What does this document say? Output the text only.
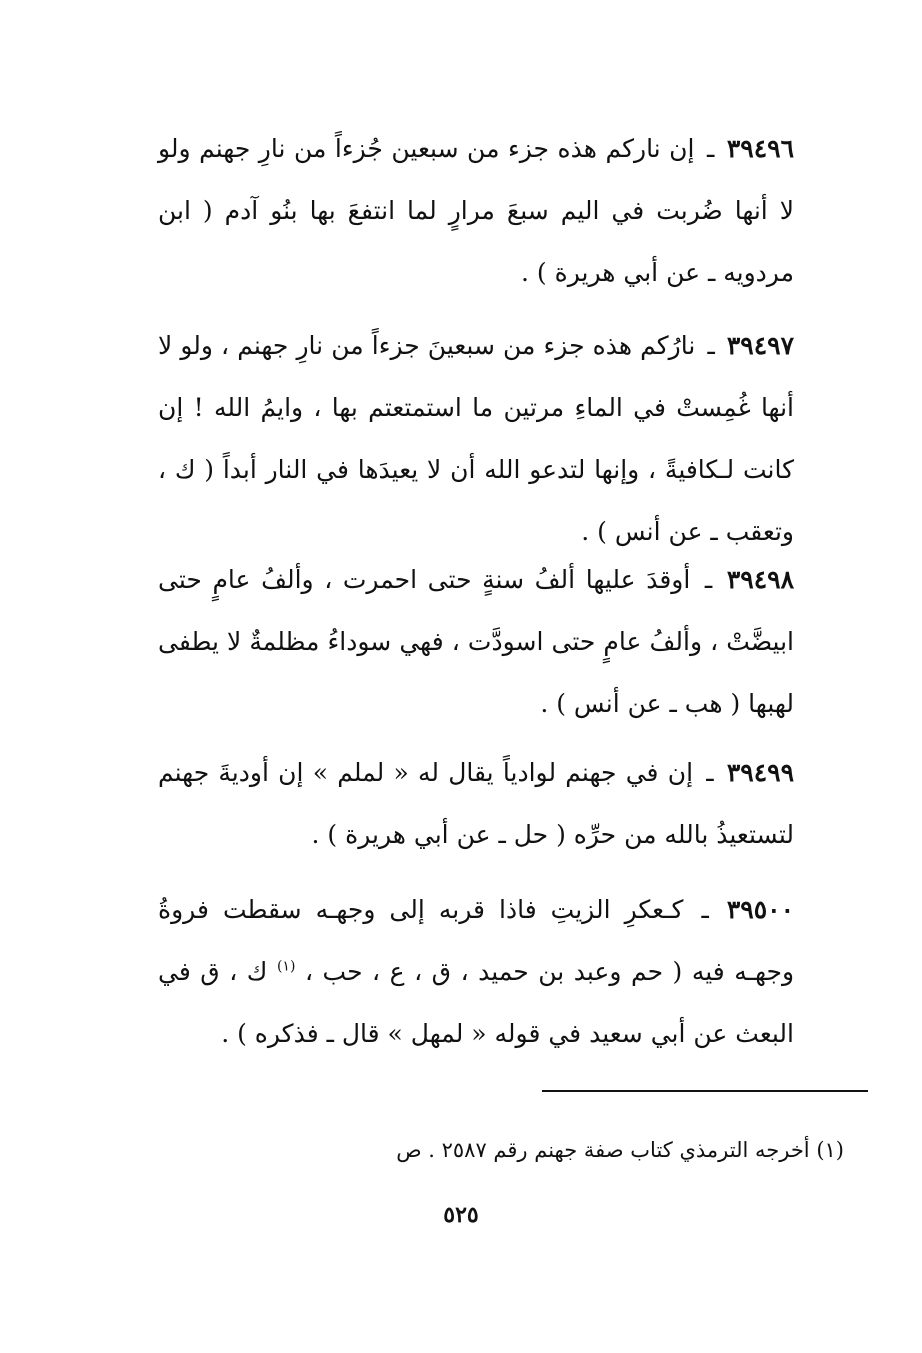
٣٩٤٩٦ ـ إن ناركم هذه جزء من سبعين جُزءاً من نارِ جهنم ولو لا أنها ضُربت في اليم سبعَ مرارٍ لما انتفعَ بها بنُو آدم ( ابن مردويه ـ عن أبي هريرة ) .

٣٩٤٩٧ ـ نارُكم هذه جزء من سبعينَ جزءاً من نارِ جهنم ، ولو لا أنها غُمِستْ في الماءِ مرتين ما استمتعتم بها ، وايمُ الله ! إن كانت لـكافيةً ، وإنها لتدعو الله أن لا يعيدَها في النار أبداً ( ك ، وتعقب ـ عن أنس ) .

٣٩٤٩٨ ـ أوقدَ عليها ألفُ سنةٍ حتى احمرت ، وألفُ عامٍ حتى ابيضَّتْ ، وألفُ عامٍ حتى اسودَّت ، فهي سوداءُ مظلمةٌ لا يطفى لهبها ( هب ـ عن أنس ) .

٣٩٤٩٩ ـ إن في جهنم لوادياً يقال له « لملم » إن أوديةَ جهنم لتستعيذُ بالله من حرِّه ( حل ـ عن أبي هريرة ) .

٣٩٥٠٠ ـ كـعكرِ الزيتِ فاذا قربه إلى وجهـه سقطت فروةُ وجهـه فيه ( حم وعبد بن حميد ، ق ، ع ، حب ، $^{(١)}$ ك ، ق في البعث عن أبي سعيد في قوله « لمهل » قال ـ فذكره ) .

(١) أخرجه الترمذي كتاب صفة جهنم رقم ٢٥٨٧ . ص
٥٢٥
